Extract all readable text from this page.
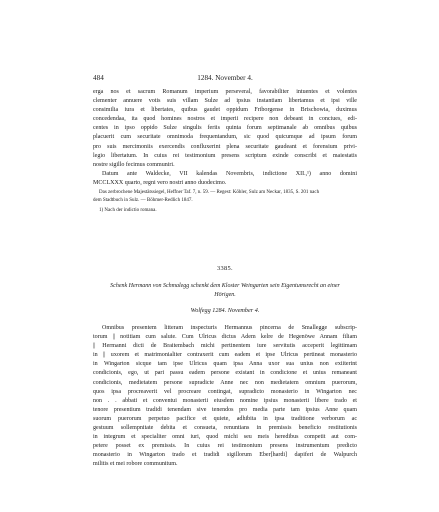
484	1284. November 4.
erga nos et sacrum Romanum imperium perseveral, favorabiliter intuentes et volentes
clementer annuere votis suis villam Sulze ad ipsius instantiam libertamus et ipsi ville
consimilia iura et libertates, quibus gaudet oppidum Friborgense in Brischowia, duximus
concedendaa, ita quod homines nostros et imperii recipere non debeant in conciues, edi-
centes in ipso oppido Sulze singulis feriis quinta forum septimanale ab omnibus quibus
placuerit cum securitate omnimoda frequentandum, sic quod quicumque ad ipsum forum
pro suis mercimoniis exercendis confluxerint plena securitate gaudeant et forensium privi-
legio libertatum. In cuius rei testimonium presens scriptum exinde conscribi et maiestatis
nostre sigillo fecimus communiri.
Datum ante Waldecke, VII kalendas Novembris, indictione XII.,¹) anno domini
MCCLXXX quarto, regni vero nostri anno duodecimo.
Das zerbrochene Majestätssiegel, Heffner Taf. 7, n. 59. — Regest: Köhler, Sulz am Neckar, 1835, S. 201 nach
dem Stadtbuch in Sulz. — Böhmer-Redlich 1847.
1) Nach der indictio romana.
3385.
Schenk Hermann von Schmalegg schenkt dem Kloster Weingarten sein Eigentumsrecht an einer
Hörigen.
Wolfegg 1284. November 4.
Omnibus presentem litteram inspecturis Hermannus pincerna de Smallegge subscrip-
torum || notitiam cum salute. Cum Ulricus dictus Adem kelre de Hegenöwe Annam filiam
|| Hermanni dicti de Braitembach michi pertinentem iure servitutis acceperit legittimam
in || uxorem et matrimonialiter contraxerit cum eadem et ipse Ulricus pertineat monasterio
in Wingarton sicque tam ipse Ulricus quam ipsa Anna uxor sua unius non exiiterint
condicionis, ego, ut pari passu eadem persone existant in condicione et unius remaneant
condicionis, medietatem persone supradicte Anne nec non medietatem omnium puerorum,
quos ipsa procreaverit vel procreare contingat, supradicto monasterio in Wingarton nec
non . . abbati et conventui monasterii eiusdem nomine ipsius monasterii libere trado et
tenore presentium tradidi tenendam sive tenendos pro media parte tam ipsius Anne quam
suorum puerorum perpetuo pacifice et quiete, adhibita in ipsa traditione verborum ac
gestuum sollempnitate debita et consueta, renuntians in premissis beneficio restitutionis
in integrum et specialiter omni iuri, quod michi seu meis heredibus competit aut com-
petere posset ex premissis. In cuius rei testimonium presens instrumentum predicto
monasterio in Wingarton trado et tradidi sigillorum Eber[hardi] dapiferi de Walpurch
militis et mei robore communitum.
